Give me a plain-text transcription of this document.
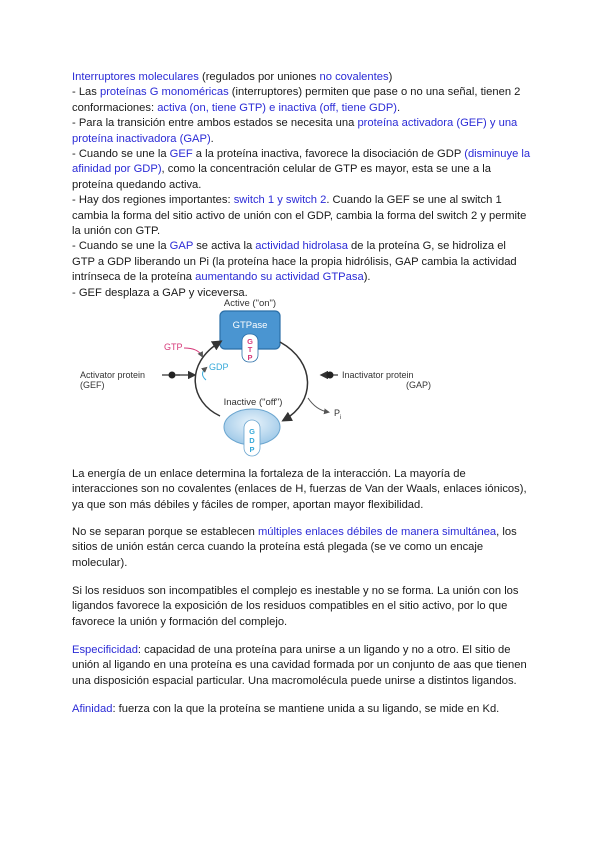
Interruptores moleculares (regulados por uniones no covalentes)
- Las proteínas G monoméricas (interruptores) permiten que pase o no una señal, tienen 2
conformaciones: activa (on, tiene GTP) e inactiva (off, tiene GDP).
- Para la transición entre ambos estados se necesita una proteína activadora (GEF) y una
proteína inactivadora (GAP).
- Cuando se une la GEF a la proteína inactiva, favorece la disociación de GDP (disminuye la
afinidad por GDP), como la concentración celular de GTP es mayor, esta se une a la
proteína quedando activa.
- Hay dos regiones importantes: switch 1 y switch 2. Cuando la GEF se une al switch 1
cambia la forma del sitio activo de unión con el GDP, cambia la forma del switch 2 y permite
la unión con GTP.
- Cuando se une la GAP se activa la actividad hidrolasa de la proteína G, se hidroliza el
GTP a GDP liberando un Pi (la proteína hace la propia hidrólisis, GAP cambia la actividad
intrínseca de la proteína aumentando su actividad GTPasa).
- GEF desplaza a GAP y viceversa.
Active ("on")
GTPase
G
T
P
GTP
GDP
Activator protein
(GEF)
Inactivator protein
(GAP)
$P_i$
Inactive ("off")
G
D
P
La energía de un enlace determina la fortaleza de la interacción. La mayoría de
interacciones son no covalentes (enlaces de H, fuerzas de Van der Waals, enlaces iónicos),
ya que son más débiles y fáciles de romper, aportan mayor flexibilidad.
No se separan porque se establecen múltiples enlaces débiles de manera simultánea, los
sitios de unión están cerca cuando la proteína está plegada (se ve como un encaje
molecular).
Si los residuos son incompatibles el complejo es inestable y no se forma. La unión con los
ligandos favorece la exposición de los residuos compatibles en el sitio activo, por lo que
favorece la unión y formación del complejo.
Especificidad: capacidad de una proteína para unirse a un ligando y no a otro. El sitio de
unión al ligando en una proteína es una cavidad formada por un conjunto de aas que tienen
una disposición espacial particular. Una macromolécula puede unirse a distintos ligandos.
Afinidad: fuerza con la que la proteína se mantiene unida a su ligando, se mide en Kd.
